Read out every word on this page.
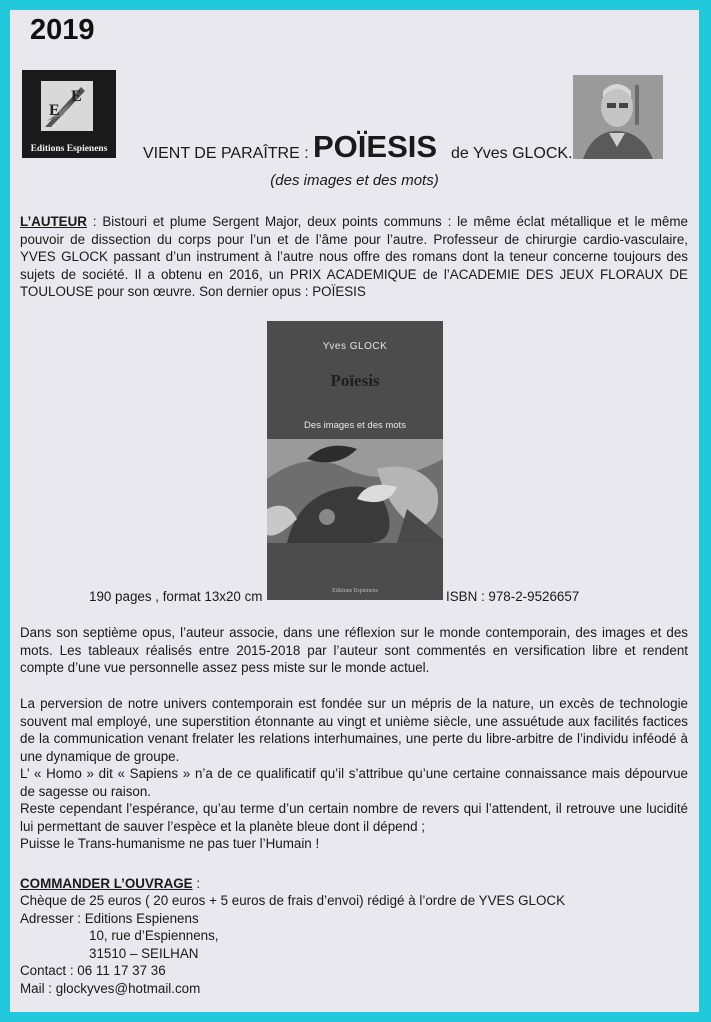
2019
E
E
Editions Espienens	VIENT DE PARAÎTRE : POÏESIS de Yves GLOCK.
(des images et des mots)
L’AUTEUR : Bistouri et plume Sergent Major, deux points communs : le même éclat métallique et le même pouvoir de dissection du corps pour l’un et de l’âme pour l’autre. Professeur de chirurgie cardio-vasculaire, YVES GLOCK passant d’un instrument à l’autre nous offre des romans dont la teneur concerne toujours des sujets de société. Il a obtenu en 2016, un PRIX ACADEMIQUE de l’ACADEMIE DES JEUX FLORAUX DE TOULOUSE pour son œuvre. Son dernier opus : POÏESIS
Yves GLOCK
Poïesis
Des images et des mots
Editions Espienens
190 pages , format 13x20 cm	ISBN : 978-2-9526657
Dans son septième opus, l’auteur associe, dans une réflexion sur le monde contemporain, des images et des mots. Les tableaux réalisés entre 2015-2018 par l’auteur sont commentés en versification libre et rendent compte d’une vue personnelle assez pess miste sur le monde actuel.
La perversion de notre univers contemporain est fondée sur un mépris de la nature, un excès de technologie souvent mal employé, une superstition étonnante au vingt et unième siècle, une assuétude aux facilités factices de la communication venant frelater les relations interhumaines, une perte du libre-arbitre de l’individu inféodé à une dynamique de groupe.
L’ « Homo » dit « Sapiens » n’a de ce qualificatif qu’il s’attribue qu’une certaine connaissance mais dépourvue de sagesse ou raison.
Reste cependant l’espérance, qu’au terme d’un certain nombre de revers qui l’attendent, il retrouve une lucidité lui permettant de sauver l’espèce et la planète bleue dont il dépend ;
Puisse le Trans-humanisme ne pas tuer l’Humain !
COMMANDER L’OUVRAGE :
Chèque de 25 euros ( 20 euros + 5 euros de frais d’envoi) rédigé à l’ordre de YVES GLOCK
Adresser : Editions Espienens
10, rue d’Espiennens,
31510 – SEILHAN
Contact : 06 11 17 37 36
Mail : glockyves@hotmail.com
